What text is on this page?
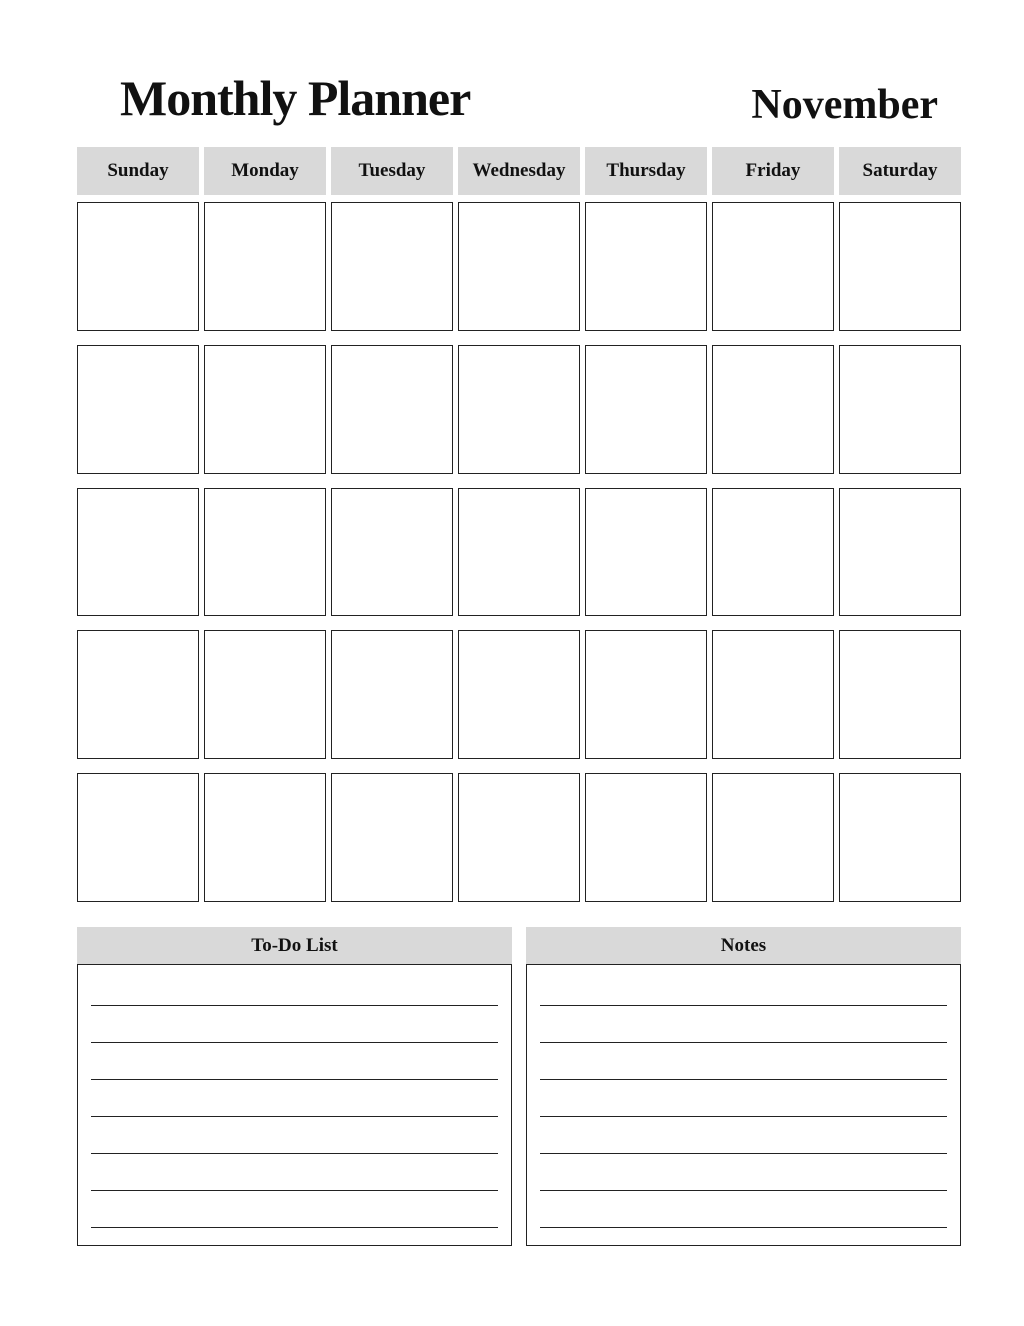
Monthly Planner	November
Sunday	Monday	Tuesday	Wednesday	Thursday	Friday	Saturday
To-Do List	Notes
